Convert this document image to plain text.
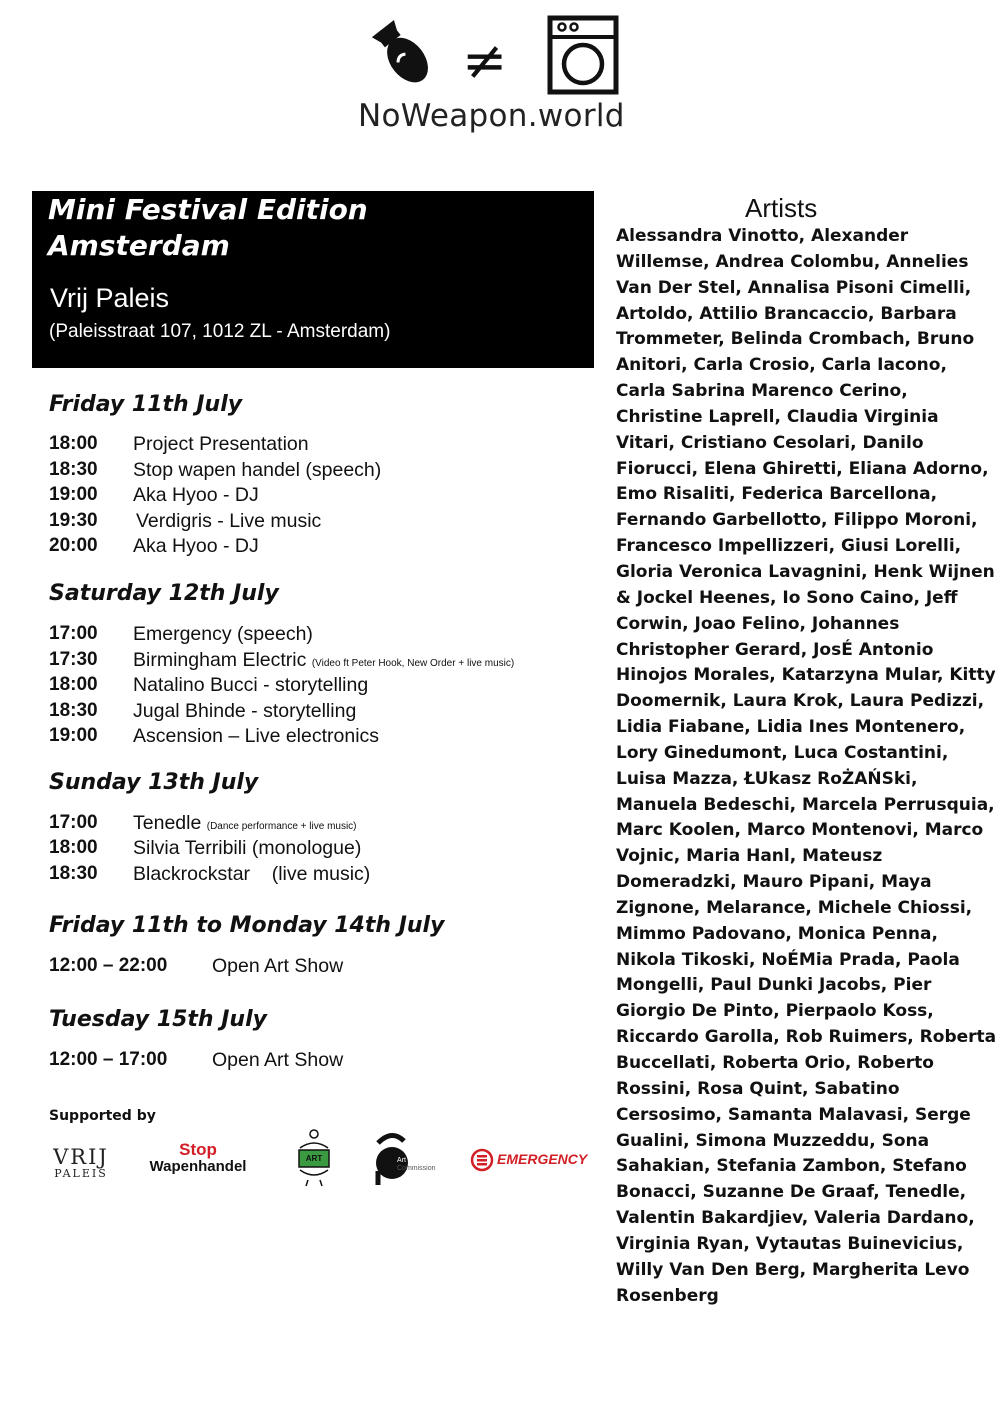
≠
NoWeapon.world
Mini Festival Edition
Amsterdam
Vrij Paleis
(Paleisstraat 107, 1012 ZL - Amsterdam)
Friday 11th July
18:00 Project Presentation
18:30 Stop wapen handel (speech)
19:00 Aka Hyoo - DJ
19:30 Verdigris - Live music
20:00 Aka Hyoo - DJ
Saturday 12th July
17:00 Emergency (speech)
17:30 Birmingham Electric (Video ft Peter Hook, New Order + live music)
18:00 Natalino Bucci - storytelling
18:30 Jugal Bhinde - storytelling
19:00 Ascension – Live electronics
Sunday 13th July
17:00 Tenedle (Dance performance + live music)
18:00 Silvia Terribili (monologue)
18:30 Blackrockstar    (live music)
Friday 11th to Monday 14th July
12:00 – 22:00 Open Art Show
Tuesday 15th July
12:00 – 17:00 Open Art Show
Supported by
VRIJ
PALEIS
Stop
Wapenhandel	ART	Art
Commission
EMERGENCY
Artists
Alessandra Vinotto, Alexander Willemse, Andrea Colombu, Annelies Van Der Stel, Annalisa Pisoni Cimelli, Artoldo, Attilio Brancaccio, Barbara Trommeter, Belinda Crombach, Bruno Anitori, Carla Crosio, Carla Iacono, Carla Sabrina Marenco Cerino, Christine Laprell, Claudia Virginia Vitari, Cristiano Cesolari, Danilo Fiorucci, Elena Ghiretti, Eliana Adorno, Emo Risaliti, Federica Barcellona, Fernando Garbellotto, Filippo Moroni, Francesco Impellizzeri, Giusi Lorelli, Gloria Veronica Lavagnini, Henk Wijnen & Jockel Heenes, Io Sono Caino, Jeff Corwin, Joao Felino, Johannes Christopher Gerard, JosÉ Antonio Hinojos Morales, Katarzyna Mular, Kitty Doomernik, Laura Krok, Laura Pedizzi, Lidia Fiabane, Lidia Ines Montenero, Lory Ginedumont, Luca Costantini, Luisa Mazza, ŁUkasz RoŻAŃSki, Manuela Bedeschi, Marcela Perrusquia, Marc Koolen, Marco Montenovi, Marco Vojnic, Maria Hanl, Mateusz Domeradzki, Mauro Pipani, Maya Zignone, Melarance, Michele Chiossi, Mimmo Padovano, Monica Penna, Nikola Tikoski, NoÉMia Prada, Paola Mongelli, Paul Dunki Jacobs, Pier Giorgio De Pinto, Pierpaolo Koss, Riccardo Garolla, Rob Ruimers, Roberta Buccellati, Roberta Orio, Roberto Rossini, Rosa Quint, Sabatino Cersosimo, Samanta Malavasi, Serge Gualini, Simona Muzzeddu, Sona Sahakian, Stefania Zambon, Stefano Bonacci, Suzanne De Graaf, Tenedle, Valentin Bakardjiev, Valeria Dardano, Virginia Ryan, Vytautas Buinevicius, Willy Van Den Berg, Margherita Levo Rosenberg
